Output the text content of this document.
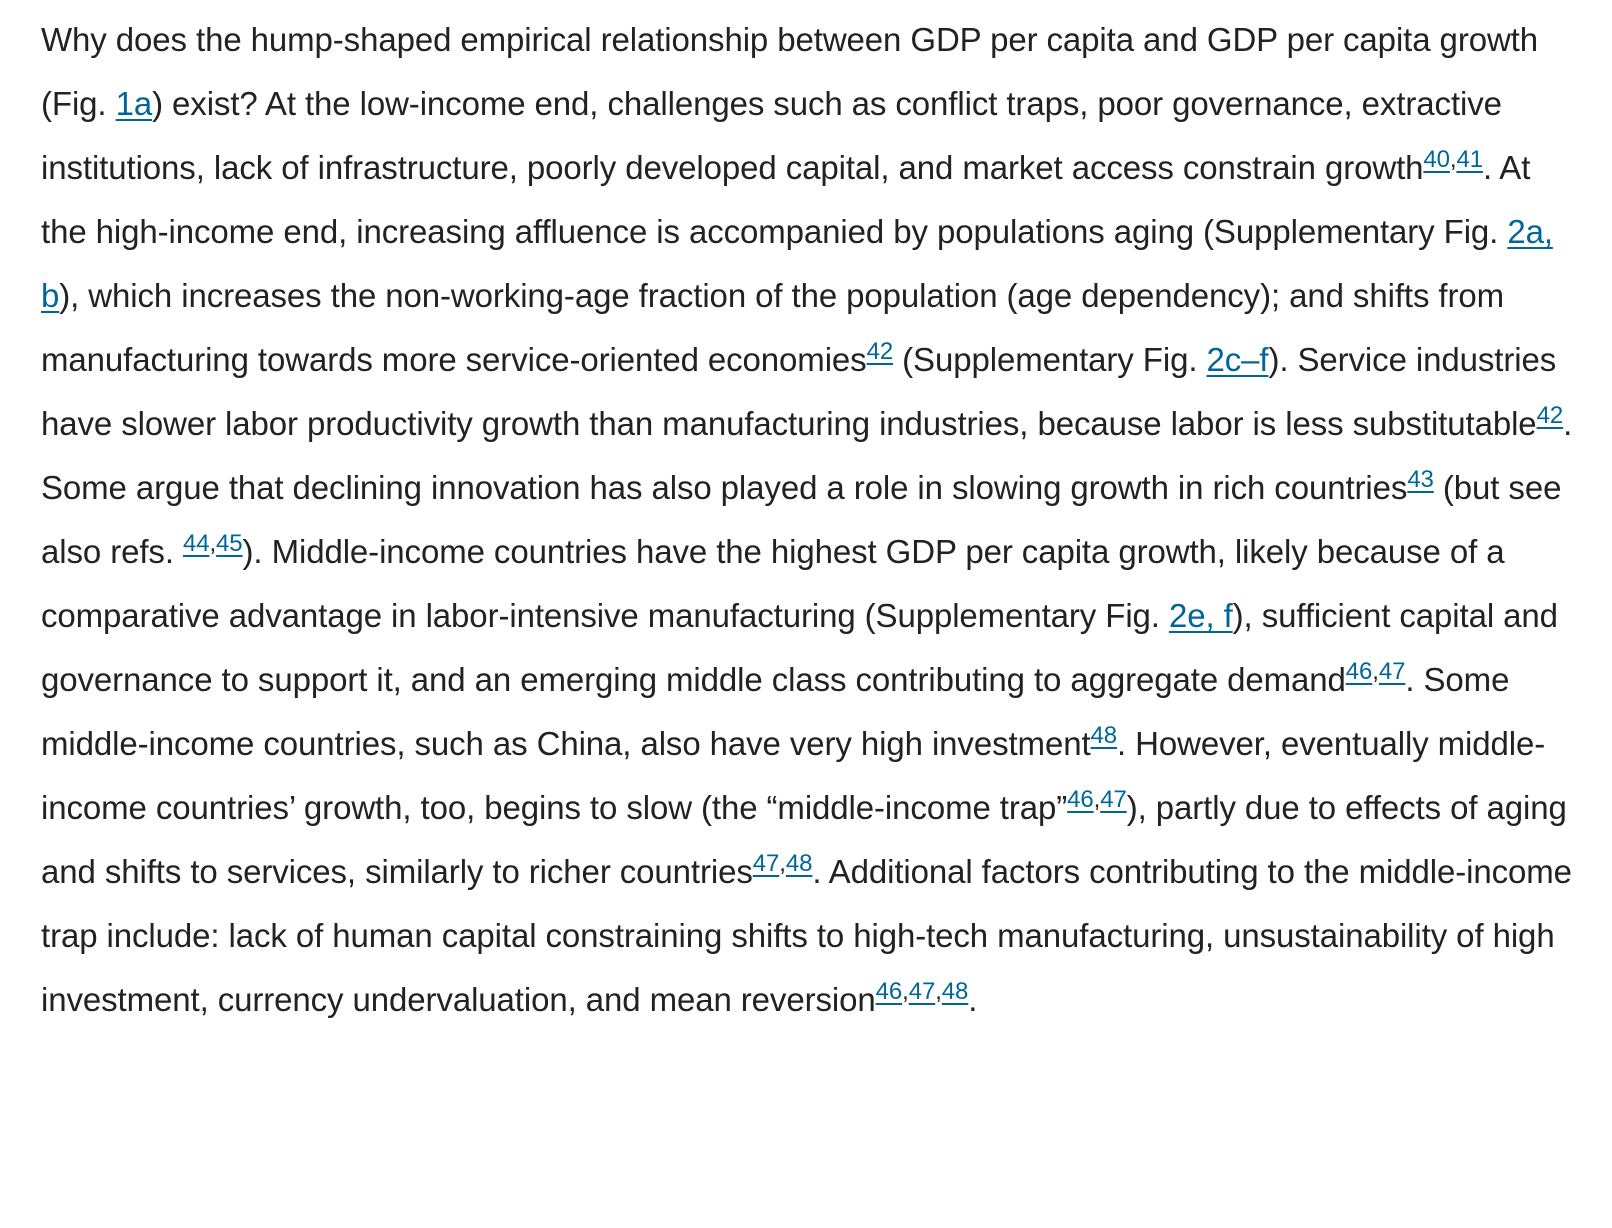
Why does the hump-shaped empirical relationship between GDP per capita and GDP per capita growth (Fig. 1a) exist? At the low-income end, challenges such as conflict traps, poor governance, extractive institutions, lack of infrastructure, poorly developed capital, and market access constrain growth$^{40,41}$. At the high-income end, increasing affluence is accompanied by populations aging (Supplementary Fig. 2a, b), which increases the non-working-age fraction of the population (age dependency); and shifts from manufacturing towards more service-oriented economies$^{42}$ (Supplementary Fig. 2c–f). Service industries have slower labor productivity growth than manufacturing industries, because labor is less substitutable$^{42}$. Some argue that declining innovation has also played a role in slowing growth in rich countries$^{43}$ (but see also refs. $^{44,45}$). Middle-income countries have the highest GDP per capita growth, likely because of a comparative advantage in labor-intensive manufacturing (Supplementary Fig. 2e, f), sufficient capital and governance to support it, and an emerging middle class contributing to aggregate demand$^{46,47}$. Some middle-income countries, such as China, also have very high investment$^{48}$. However, eventually middle-income countries’ growth, too, begins to slow (the “middle-income trap”$^{46,47}$), partly due to effects of aging and shifts to services, similarly to richer countries$^{47,48}$. Additional factors contributing to the middle-income trap include: lack of human capital constraining shifts to high-tech manufacturing, unsustainability of high investment, currency undervaluation, and mean reversion$^{46,47,48}$.
